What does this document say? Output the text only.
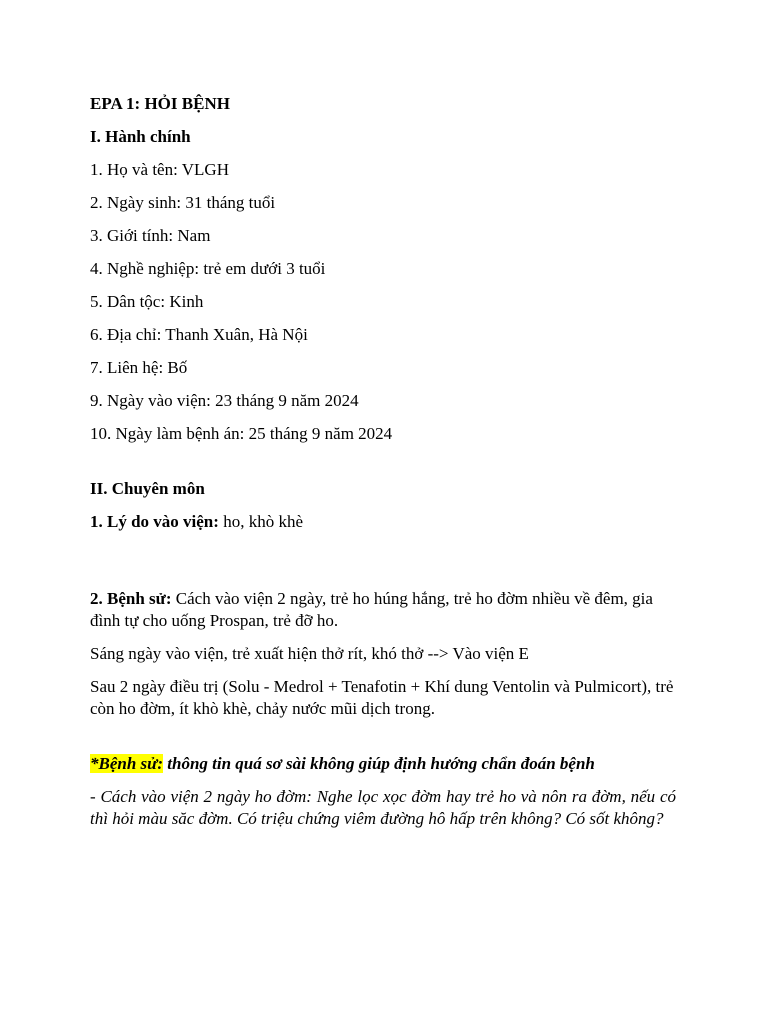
EPA 1: HỎI BỆNH

I. Hành chính

1. Họ và tên: VLGH

2. Ngày sinh: 31 tháng tuổi

3. Giới tính: Nam

4. Nghề nghiệp: trẻ em dưới 3 tuổi

5. Dân tộc: Kinh

6. Địa chỉ: Thanh Xuân, Hà Nội

7. Liên hệ: Bố

9. Ngày vào viện: 23 tháng 9 năm 2024

10. Ngày làm bệnh án: 25 tháng 9 năm 2024

II. Chuyên môn

1. Lý do vào viện: ho, khò khè

2. Bệnh sử: Cách vào viện 2 ngày, trẻ ho húng hắng, trẻ ho đờm nhiều về đêm, gia đình tự cho uống Prospan, trẻ đỡ ho.

Sáng ngày vào viện, trẻ xuất hiện thở rít, khó thở --> Vào viện E

Sau 2 ngày điều trị (Solu - Medrol + Tenafotin + Khí dung Ventolin và Pulmicort), trẻ còn ho đờm, ít khò khè, chảy nước mũi dịch trong.

*Bệnh sử: thông tin quá sơ sài không giúp định hướng chẩn đoán bệnh

- Cách vào viện 2 ngày ho đờm: Nghe lọc xọc đờm hay trẻ ho và nôn ra đờm, nếu có thì hỏi màu săc đờm. Có triệu chứng viêm đường hô hấp trên không? Có sốt không?
